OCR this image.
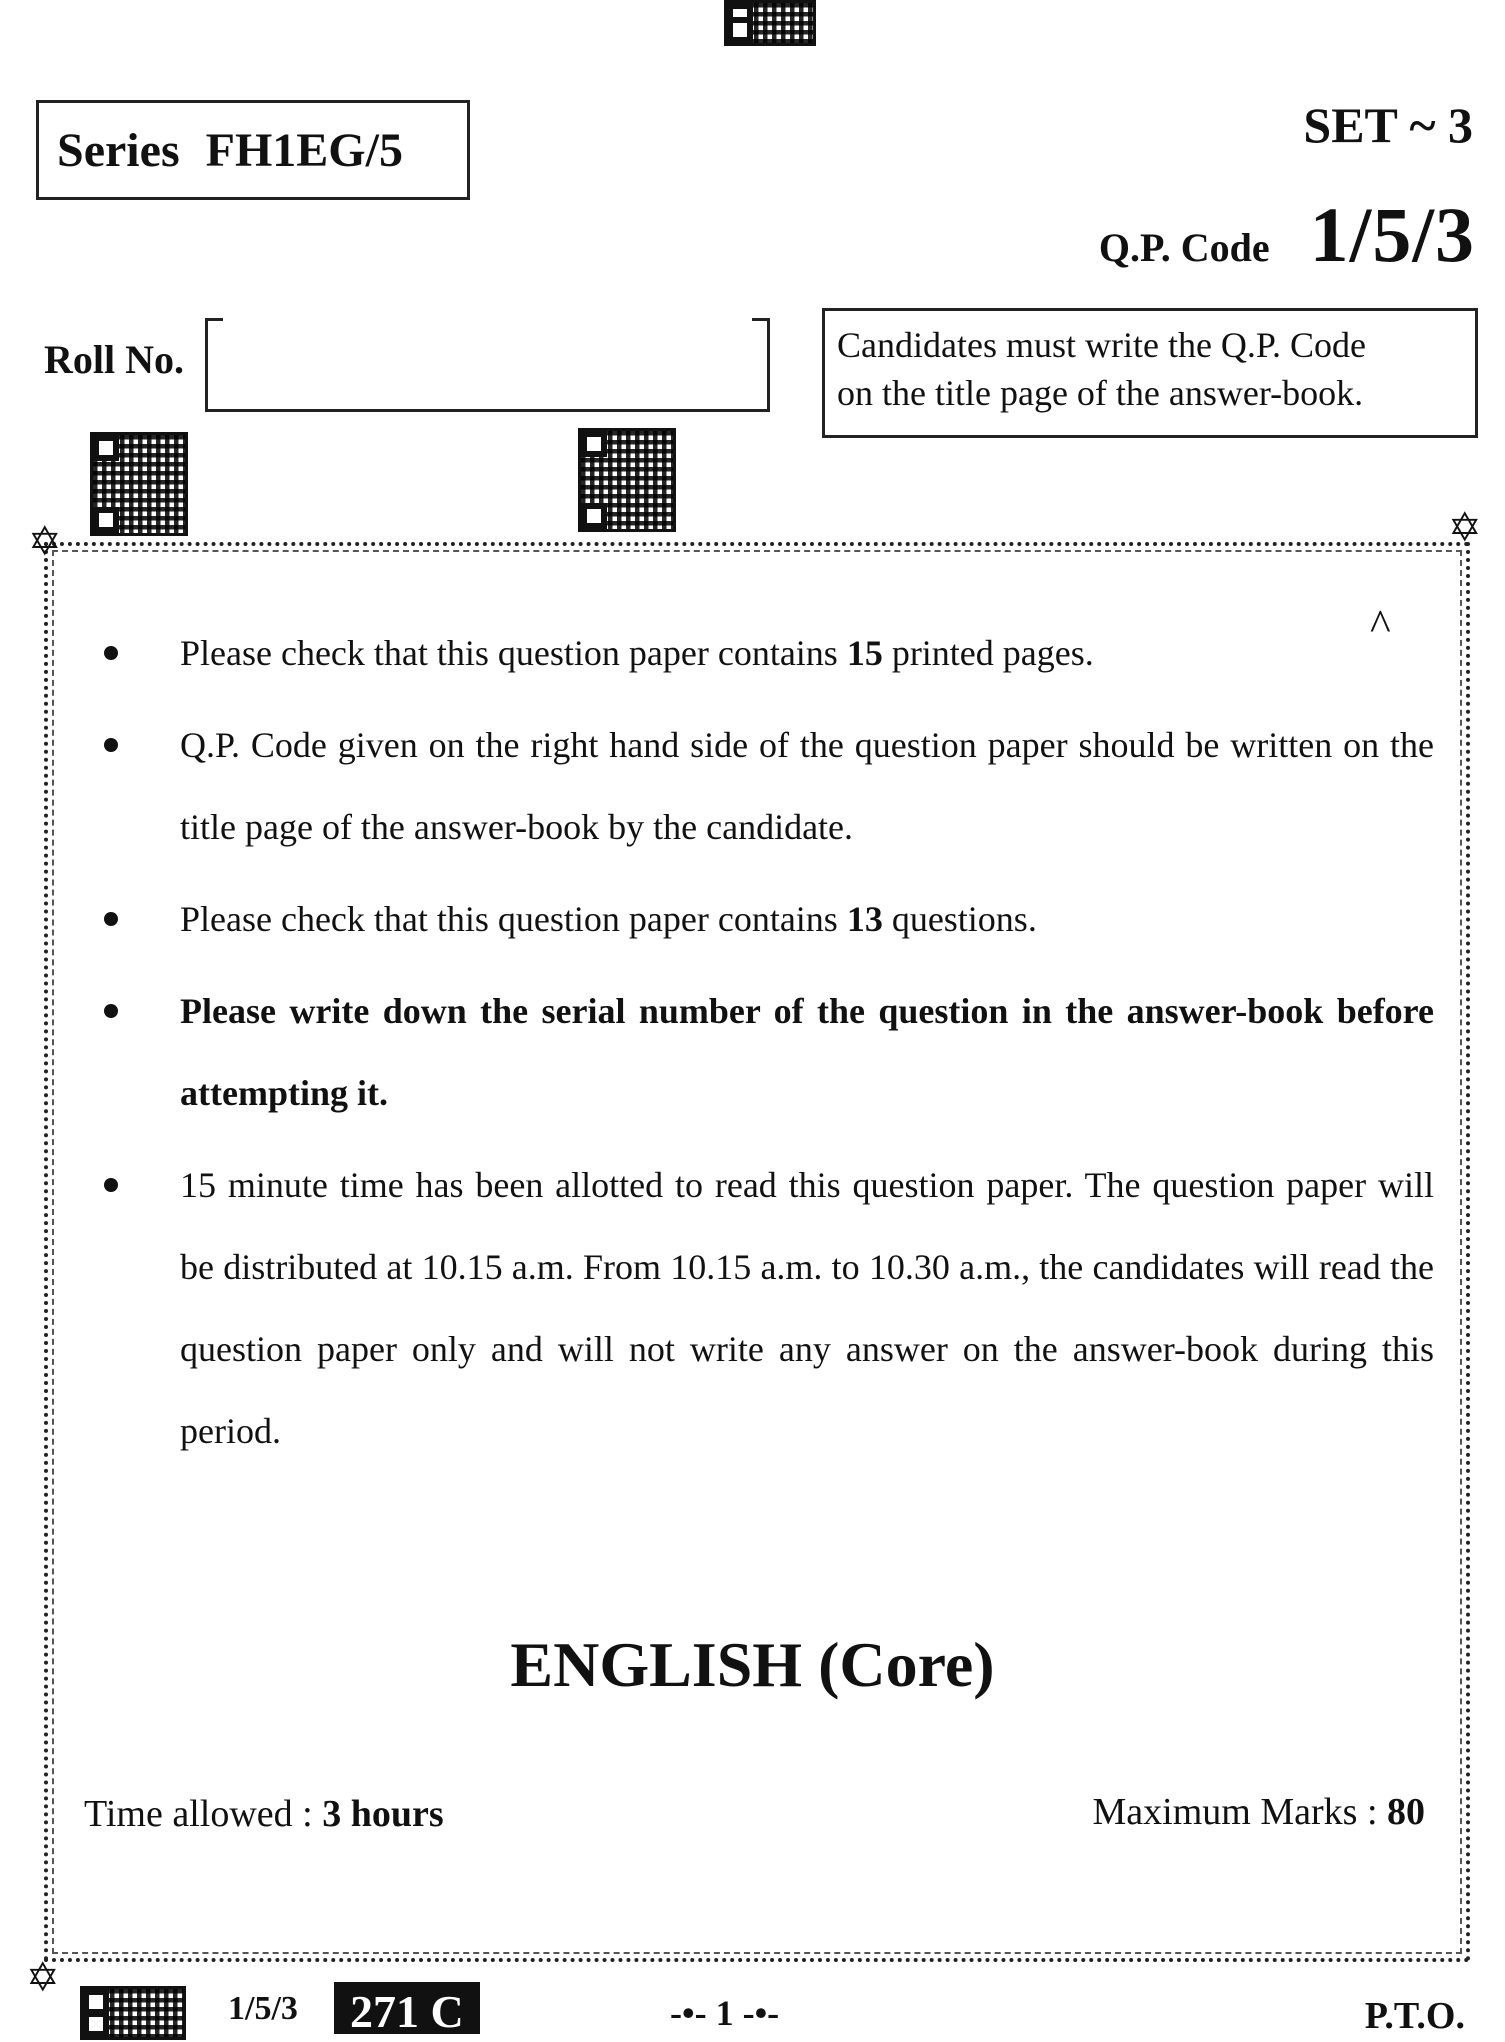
Series FH1EG/5	SET ~ 3
Q.P. Code 1/5/3
Roll No.	Candidates must write the Q.P. Code
on the title page of the answer-book.
✡	✡
✡
^
Please check that this question paper contains 15 printed pages.
Q.P. Code given on the right hand side of the question paper should be written on the title page of the answer-book by the candidate.
Please check that this question paper contains 13 questions.
Please write down the serial number of the question in the answer-book before attempting it.
15 minute time has been allotted to read this question paper. The question paper will be distributed at 10.15 a.m. From 10.15 a.m. to 10.30 a.m., the candidates will read the question paper only and will not write any answer on the answer-book during this period.
ENGLISH (Core)
Time allowed : 3 hours	Maximum Marks : 80
1/5/3	271 C	-•- 1 -•-	P.T.O.
